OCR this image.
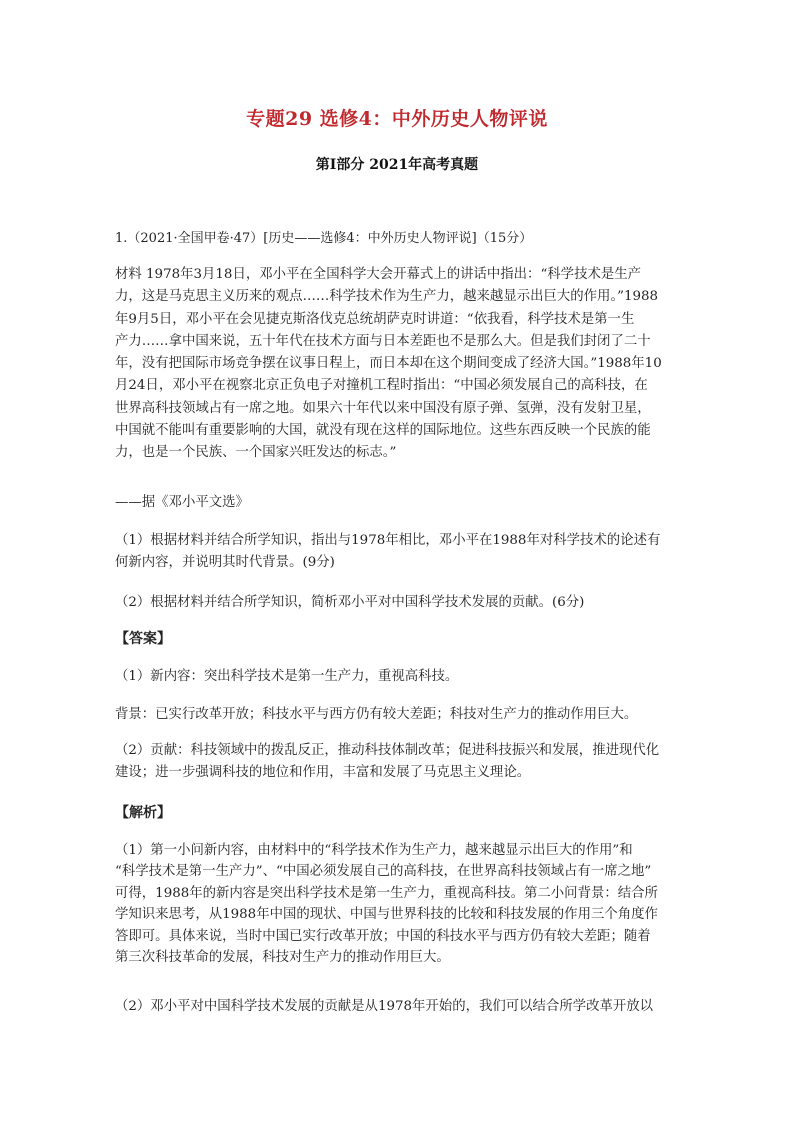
专题29 选修4：中外历史人物评说
第Ⅰ部分 2021年高考真题
1.（2021·全国甲卷·47）[历史——选修4：中外历史人物评说]（15分）

材料 1978年3月18日，邓小平在全国科学大会开幕式上的讲话中指出：“科学技术是生产

力，这是马克思主义历来的观点……科学技术作为生产力，越来越显示出巨大的作用。”1988

年9月5日，邓小平在会见捷克斯洛伐克总统胡萨克时讲道：“依我看，科学技术是第一生

产力……拿中国来说，五十年代在技术方面与日本差距也不是那么大。但是我们封闭了二十

年，没有把国际市场竞争摆在议事日程上，而日本却在这个期间变成了经济大国。”1988年10

月24日，邓小平在视察北京正负电子对撞机工程时指出：“中国必须发展自己的高科技，在

世界高科技领域占有一席之地。如果六十年代以来中国没有原子弹、氢弹，没有发射卫星，

中国就不能叫有重要影响的大国，就没有现在这样的国际地位。这些东西反映一个民族的能

力，也是一个民族、一个国家兴旺发达的标志。”

——据《邓小平文选》

（1）根据材料并结合所学知识，指出与1978年相比，邓小平在1988年对科学技术的论述有

何新内容，并说明其时代背景。(9分)

（2）根据材料并结合所学知识，简析邓小平对中国科学技术发展的贡献。(6分)

【答案】
（1）新内容：突出科学技术是第一生产力，重视高科技。
背景：已实行改革开放；科技水平与西方仍有较大差距；科技对生产力的推动作用巨大。

（2）贡献：科技领域中的拨乱反正，推动科技体制改革；促进科技振兴和发展，推进现代化

建设；进一步强调科技的地位和作用，丰富和发展了马克思主义理论。

【解析】

（1）第一小问新内容，由材料中的“科学技术作为生产力，越来越显示出巨大的作用”和

“科学技术是第一生产力”、“中国必须发展自己的高科技，在世界高科技领域占有一席之地”

可得，1988年的新内容是突出科学技术是第一生产力，重视高科技。第二小问背景：结合所

学知识来思考，从1988年中国的现状、中国与世界科技的比较和科技发展的作用三个角度作

答即可。具体来说，当时中国已实行改革开放；中国的科技水平与西方仍有较大差距；随着

第三次科技革命的发展，科技对生产力的推动作用巨大。

（2）邓小平对中国科学技术发展的贡献是从1978年开始的，我们可以结合所学改革开放以
